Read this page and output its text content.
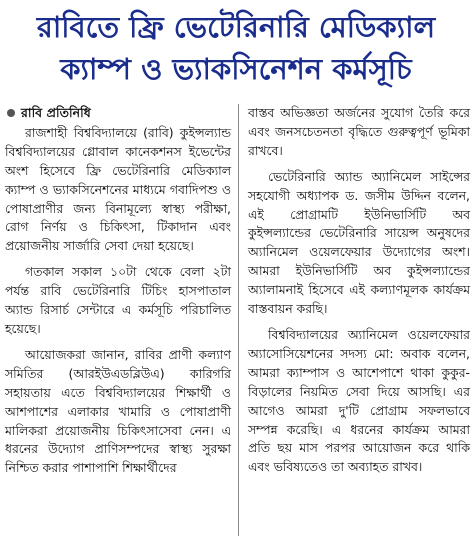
রাবিতে ফ্রি ভেটেরিনারি মেডিক্যাল
ক্যাম্প ও ভ্যাকসিনেশন কর্মসূচি
রাবি প্রতিনিধি

রাজশাহী বিশ্ববিদ্যালয়ে (রাবি) কুইন্সল্যান্ড বিশ্ববিদ্যালয়ের গ্লোবাল কানেকশনস ইভেন্টের অংশ হিসেবে ফ্রি ভেটেরিনারি মেডিক্যাল ক্যাম্প ও ভ্যাকসিনেশনের মাধ্যমে গবাদিপশু ও পোষাপ্রাণীর জন্য বিনামূল্যে স্বাস্থ্য পরীক্ষা, রোগ নির্ণয় ও চিকিৎসা, টিকাদান এবং প্রয়োজনীয় সার্জারি সেবা দেয়া হয়েছে।

গতকাল সকাল ১০টা থেকে বেলা ২টা পর্যন্ত রাবি ভেটেরিনারি টিচিং হাসপাতাল অ্যান্ড রিসার্চ সেন্টারে এ কর্মসূচি পরিচালিত হয়েছে।

আয়োজকরা জানান, রাবির প্রাণী কল্যাণ সমিতির (আরইউএডব্লিউএ) কারিগরি সহায়তায় এতে বিশ্ববিদ্যালয়ের শিক্ষার্থী ও আশপাশের এলাকার খামারি ও পোষাপ্রাণী মালিকরা প্রয়োজনীয় চিকিৎসাসেবা নেন। এ ধরনের উদ্যোগ প্রাণিসম্পদের স্বাস্থ্য সুরক্ষা নিশ্চিত করার পাশাপাশি শিক্ষার্থীদের

বাস্তব অভিজ্ঞতা অর্জনের সুযোগ তৈরি করে এবং জনসচেতনতা বৃদ্ধিতে গুরুত্বপূর্ণ ভূমিকা রাখবে।

ভেটেরিনারি অ্যান্ড অ্যানিমেল সাইন্সের সহযোগী অধ্যাপক ড. জসীম উদ্দিন বলেন, এই প্রোগ্রামটি ইউনিভার্সিটি অব কুইন্সল্যান্ডের ভেটেরিনারি সায়েন্স অনুষদের অ্যানিমেল ওয়েলফেয়ার উদ্যোগের অংশ। আমরা ইউনিভার্সিটি অব কুইন্সল্যান্ডের অ্যালামনাই হিসেবে এই কল্যাণমূলক কার্যক্রম বাস্তবায়ন করছি।

বিশ্ববিদ্যালয়ের অ্যানিমেল ওয়েলফেয়ার অ্যাসোসিয়েশনের সদস্য মো: অবাক বলেন, আমরা ক্যাম্পাস ও আশেপাশে থাকা কুকুর-বিড়ালের নিয়মিত সেবা দিয়ে আসছি। এর আগেও আমরা দু'টি প্রোগ্রাম সফলভাবে সম্পন্ন করেছি। এ ধরনের কার্যক্রম আমরা প্রতি ছয় মাস পরপর আয়োজন করে থাকি এবং ভবিষ্যতেও তা অব্যাহত রাখব।
